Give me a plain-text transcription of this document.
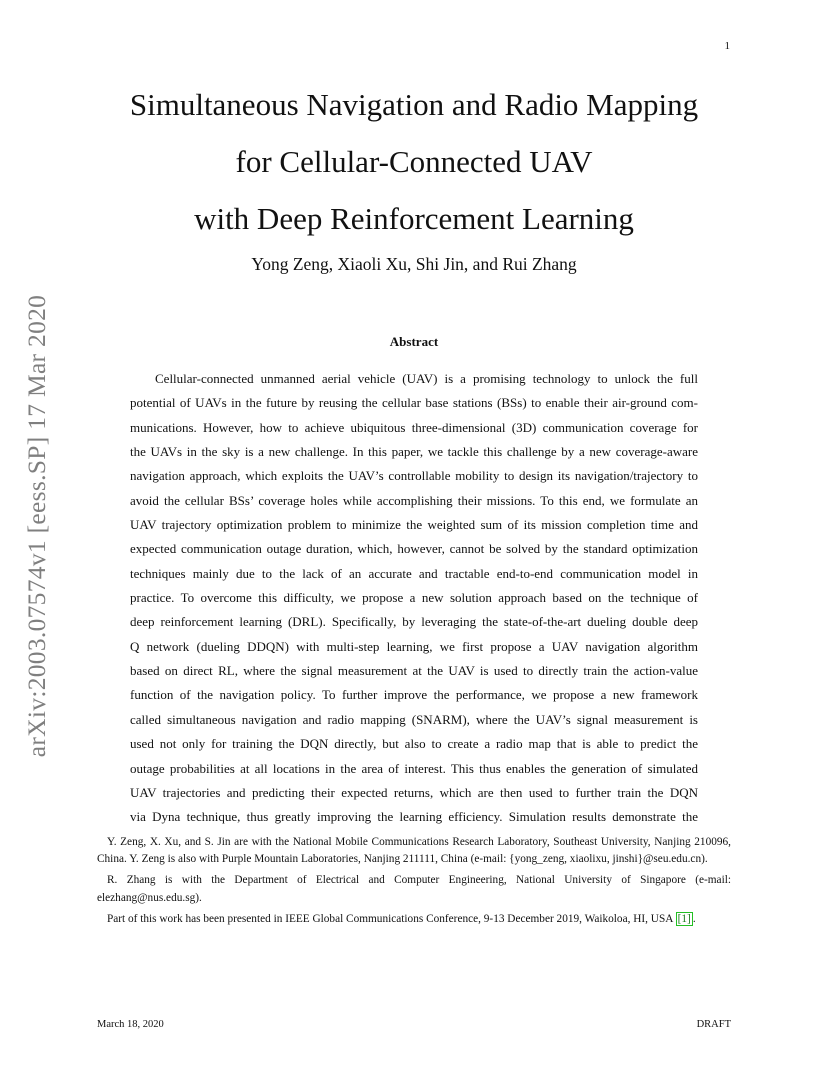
1
arXiv:2003.07574v1 [eess.SP] 17 Mar 2020
Simultaneous Navigation and Radio Mapping
for Cellular-Connected UAV
with Deep Reinforcement Learning
Yong Zeng, Xiaoli Xu, Shi Jin, and Rui Zhang
Abstract
Cellular-connected unmanned aerial vehicle (UAV) is a promising technology to unlock the full
potential of UAVs in the future by reusing the cellular base stations (BSs) to enable their air-ground com-
munications. However, how to achieve ubiquitous three-dimensional (3D) communication coverage for
the UAVs in the sky is a new challenge. In this paper, we tackle this challenge by a new coverage-aware
navigation approach, which exploits the UAV’s controllable mobility to design its navigation/trajectory to
avoid the cellular BSs’ coverage holes while accomplishing their missions. To this end, we formulate an
UAV trajectory optimization problem to minimize the weighted sum of its mission completion time and
expected communication outage duration, which, however, cannot be solved by the standard optimization
techniques mainly due to the lack of an accurate and tractable end-to-end communication model in
practice. To overcome this difficulty, we propose a new solution approach based on the technique of
deep reinforcement learning (DRL). Specifically, by leveraging the state-of-the-art dueling double deep
Q network (dueling DDQN) with multi-step learning, we first propose a UAV navigation algorithm
based on direct RL, where the signal measurement at the UAV is used to directly train the action-value
function of the navigation policy. To further improve the performance, we propose a new framework
called simultaneous navigation and radio mapping (SNARM), where the UAV’s signal measurement is
used not only for training the DQN directly, but also to create a radio map that is able to predict the
outage probabilities at all locations in the area of interest. This thus enables the generation of simulated
UAV trajectories and predicting their expected returns, which are then used to further train the DQN
via Dyna technique, thus greatly improving the learning efficiency. Simulation results demonstrate the

Y. Zeng, X. Xu, and S. Jin are with the National Mobile Communications Research Laboratory, Southeast University, Nanjing 210096, China. Y. Zeng is also with Purple Mountain Laboratories, Nanjing 211111, China (e-mail: {yong_zeng, xiaolixu, jinshi}@seu.edu.cn).

R. Zhang is with the Department of Electrical and Computer Engineering, National University of Singapore (e-mail: elezhang@nus.edu.sg).

Part of this work has been presented in IEEE Global Communications Conference, 9-13 December 2019, Waikoloa, HI, USA [1] .

March 18, 2020	DRAFT
